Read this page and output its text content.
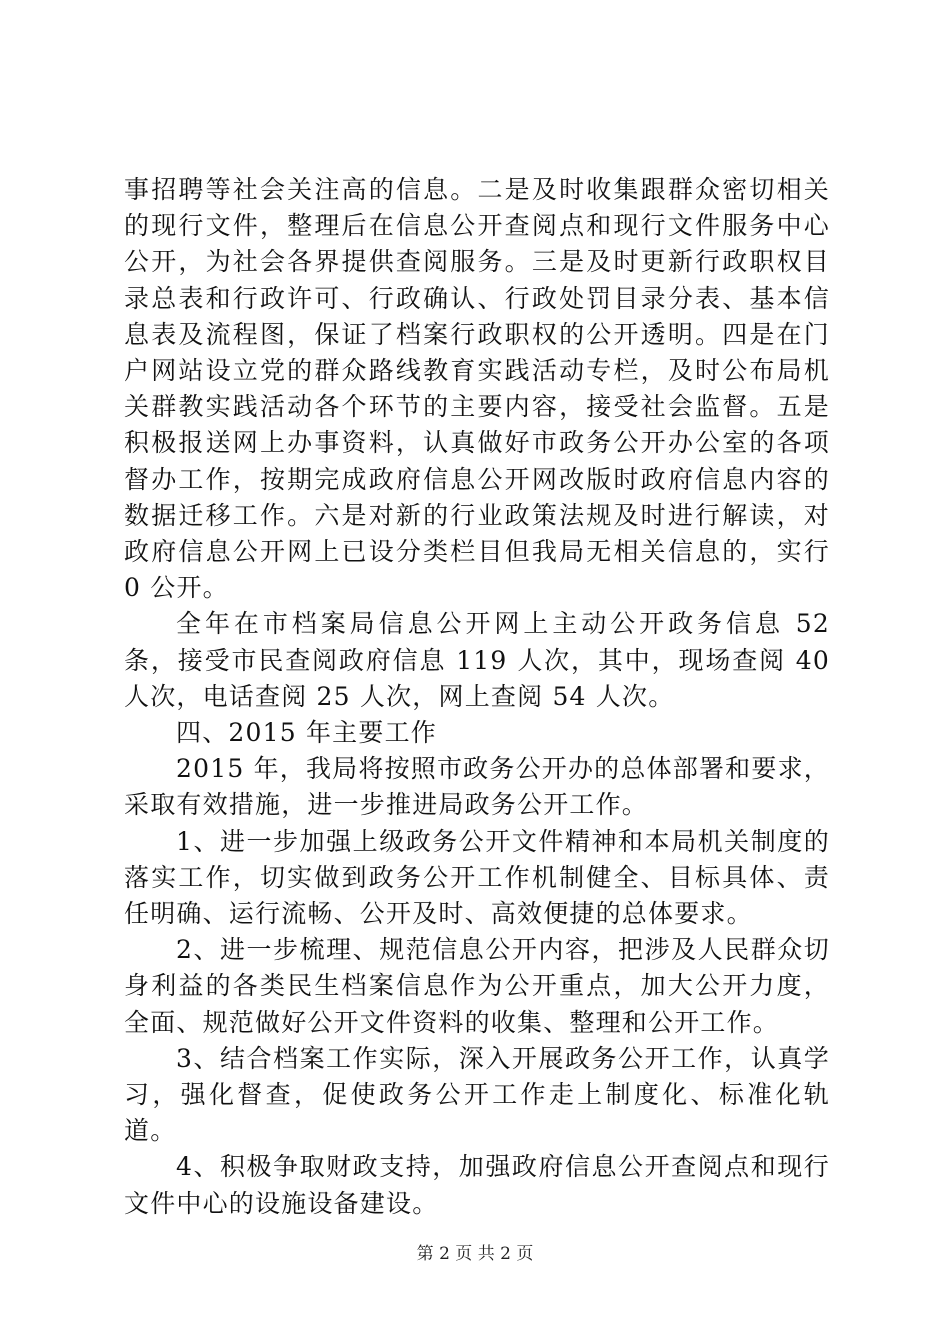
事招聘等社会关注高的信息。二是及时收集跟群众密切相关的现行文件，整理后在信息公开查阅点和现行文件服务中心公开，为社会各界提供查阅服务。三是及时更新行政职权目录总表和行政许可、行政确认、行政处罚目录分表、基本信息表及流程图，保证了档案行政职权的公开透明。四是在门户网站设立党的群众路线教育实践活动专栏，及时公布局机关群教实践活动各个环节的主要内容，接受社会监督。五是积极报送网上办事资料，认真做好市政务公开办公室的各项督办工作，按期完成政府信息公开网改版时政府信息内容的数据迁移工作。六是对新的行业政策法规及时进行解读，对政府信息公开网上已设分类栏目但我局无相关信息的，实行 0 公开。

全年在市档案局信息公开网上主动公开政务信息 52 条，接受市民查阅政府信息 119 人次，其中，现场查阅 40 人次，电话查阅 25 人次，网上查阅 54 人次。

四、2015 年主要工作

2015 年，我局将按照市政务公开办的总体部署和要求，采取有效措施，进一步推进局政务公开工作。

1、进一步加强上级政务公开文件精神和本局机关制度的落实工作，切实做到政务公开工作机制健全、目标具体、责任明确、运行流畅、公开及时、高效便捷的总体要求。

2、进一步梳理、规范信息公开内容，把涉及人民群众切身利益的各类民生档案信息作为公开重点，加大公开力度，全面、规范做好公开文件资料的收集、整理和公开工作。

3、结合档案工作实际，深入开展政务公开工作，认真学习，强化督查，促使政务公开工作走上制度化、标准化轨道。

4、积极争取财政支持，加强政府信息公开查阅点和现行文件中心的设施设备建设。

第 2 页 共 2 页
